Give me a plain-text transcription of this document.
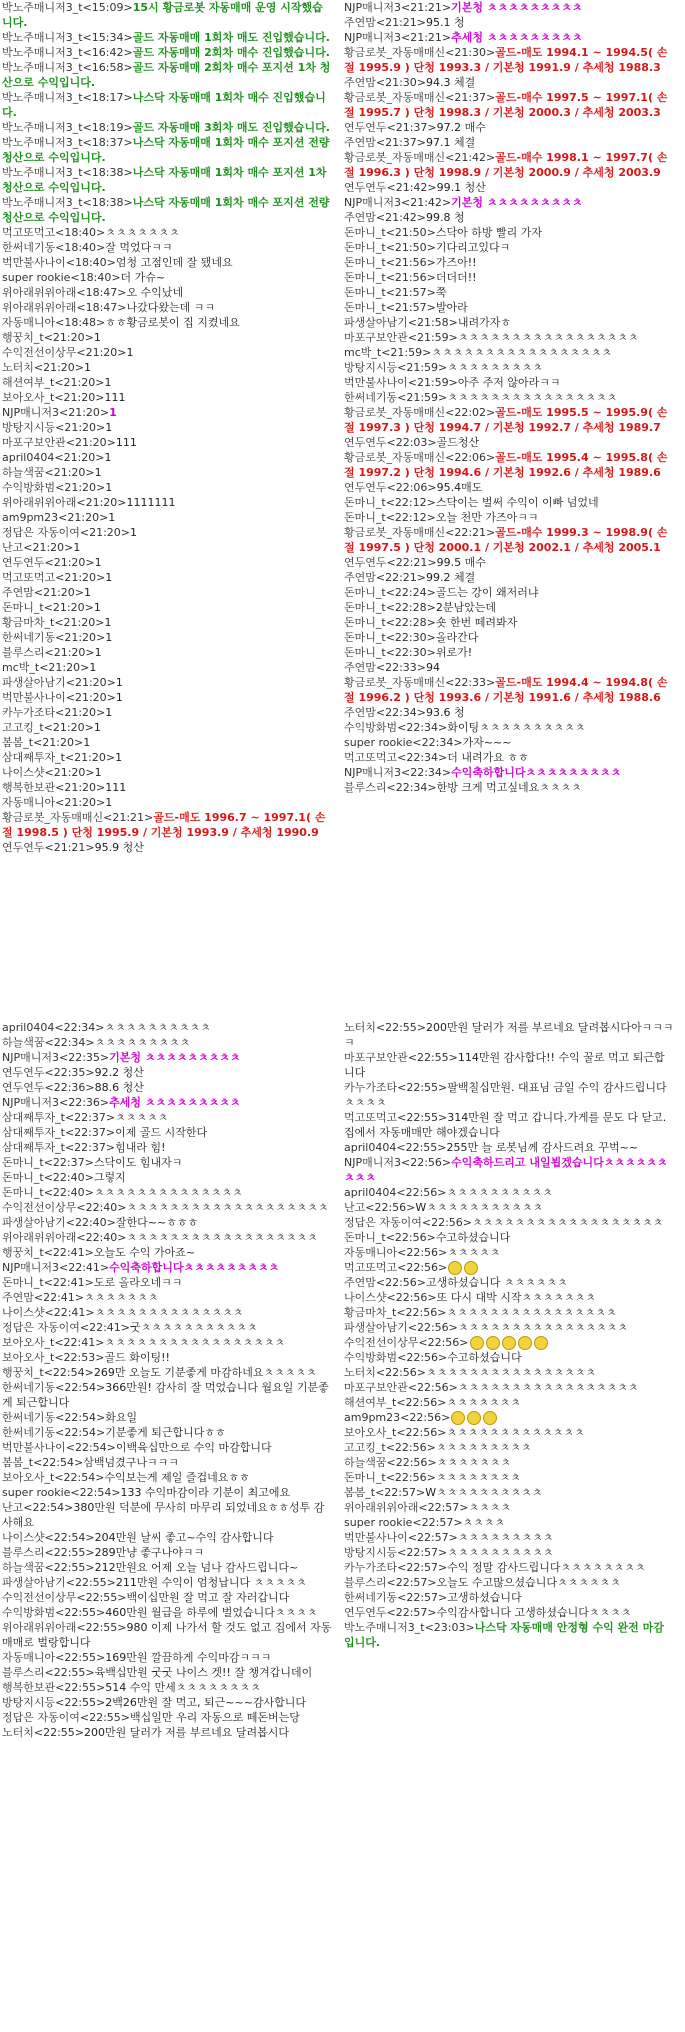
박노주매니저3_t<15:09>15시 황금로봇 자동매매 운영 시작했습니다.
박노주매니저3_t<15:34>골드 자동매매 1회차 매도 진입했습니다.
박노주매니저3_t<16:42>골드 자동매매 2회차 매수 진입했습니다.
박노주매니저3_t<16:58>골드 자동매매 2회차 매수 포지션 1차 청산으로 수익입니다.
박노주매니저3_t<18:17>나스닥 자동매매 1회차 매수 진입했습니다.
박노주매니저3_t<18:19>골드 자동매매 3회차 매도 진입했습니다.
박노주매니저3_t<18:37>나스닥 자동매매 1회차 매수 포지션 전량청산으로 수익입니다.
박노주매니저3_t<18:38>나스닥 자동매매 1회차 매수 포지션 1차 청산으로 수익입니다.
박노주매니저3_t<18:38>나스닥 자동매매 1회차 매수 포지션 전량청산으로 수익입니다.
먹고또먹고<18:40>ㅊㅊㅊㅊㅊㅊㅊ
한써네기동<18:40>잘 먹었다ㅋㅋ
벅만불사나이<18:40>엄청 고점인데 잘 됐네요
super rookie<18:40>더 가슈~
위아래위위아래<18:47>오 수익났네
위아래위위아래<18:47>나갔다왔는데 ㅋㅋ
자동매니아<18:48>ㅎㅎ황금로봇이 집 지켰네요
행꿍치_t<21:20>1
수익전선이상무<21:20>1
노터치<21:20>1
해션여부_t<21:20>1
보아오사_t<21:20>111
NJP매니저3<21:20>1
방탕지시등<21:20>1
마포구보안관<21:20>111
april0404<21:20>1
하늘색꿈<21:20>1
수익방화범<21:20>1
위아래위위아래<21:20>1111111
am9pm23<21:20>1
정답은 자동이여<21:20>1
난고<21:20>1
연두연두<21:20>1
먹고또먹고<21:20>1
주연맘<21:20>1
돈마니_t<21:20>1
황금마차_t<21:20>1
한써네기동<21:20>1
블루스리<21:20>1
mc박_t<21:20>1
파생살아남기<21:20>1
벅만불사나이<21:20>1
카누가조타<21:20>1
고고킹_t<21:20>1
봄봄_t<21:20>1
삼대째투자_t<21:20>1
나이스샷<21:20>1
행복한보관<21:20>111
자동매니아<21:20>1
황금로봇_자동매매신<21:21>골드-매도 1996.7 ~ 1997.1( 손절 1998.5 ) 단청 1995.9 / 기본청 1993.9 / 추세청 1990.9
연두연두<21:21>95.9 청산
NJP매니저3<21:21>기본청 ㅊㅊㅊㅊㅊㅊㅊㅊㅊ
주연맘<21:21>95.1 청
NJP매니저3<21:21>추세청 ㅊㅊㅊㅊㅊㅊㅊㅊㅊ
황금로봇_자동매매신<21:30>골드-매도 1994.1 ~ 1994.5( 손절 1995.9 ) 단청 1993.3 / 기본청 1991.9 / 추세청 1988.3
주연맘<21:30>94.3 체결
황금로봇_자동매매신<21:37>골드-매수 1997.5 ~ 1997.1( 손절 1995.7 ) 단청 1998.3 / 기본청 2000.3 / 추세청 2003.3
연두연두<21:37>97.2 매수
주연맘<21:37>97.1 체결
황금로봇_자동매매신<21:42>골드-매수 1998.1 ~ 1997.7( 손절 1996.3 ) 단청 1998.9 / 기본청 2000.9 / 추세청 2003.9
연두연두<21:42>99.1 청산
NJP매니저3<21:42>기본청 ㅊㅊㅊㅊㅊㅊㅊㅊㅊ
주연맘<21:42>99.8 청
돈마니_t<21:50>스닥아 하방 빨리 가자
돈마니_t<21:50>기다리고있다ㅋ
돈마니_t<21:56>가즈아!!
돈마니_t<21:56>더더더!!
돈마니_t<21:57>쭉
돈마니_t<21:57>발아라
파생살아남기<21:58>내려가자ㅎ
마포구보안관<21:59>ㅊㅊㅊㅊㅊㅊㅊㅊㅊㅊㅊㅊㅊㅊㅊㅊㅊ
mc박_t<21:59>ㅊㅊㅊㅊㅊㅊㅊㅊㅊㅊㅊㅊㅊㅊㅊㅊㅊ
방탕지시등<21:59>ㅊㅊㅊㅊㅊㅊㅊㅊㅊ
벅만불사나이<21:59>아주 주저 않아라ㅋㅋ
한써네기동<21:59>ㅊㅊㅊㅊㅊㅊㅊㅊㅊㅊㅊㅊㅊㅊㅊㅊ
황금로봇_자동매매신<22:02>골드-매도 1995.5 ~ 1995.9( 손절 1997.3 ) 단청 1994.7 / 기본청 1992.7 / 추세청 1989.7
연두연두<22:03>골드청산
황금로봇_자동매매신<22:06>골드-매도 1995.4 ~ 1995.8( 손절 1997.2 ) 단청 1994.6 / 기본청 1992.6 / 추세청 1989.6
연두연두<22:06>95.4매도
돈마니_t<22:12>스닥이는 벌써 수익이 이빠 넘었네
돈마니_t<22:12>오늘 천만 가즈아ㅋㅋ
황금로봇_자동매매신<22:21>골드-매수 1999.3 ~ 1998.9( 손절 1997.5 ) 단청 2000.1 / 기본청 2002.1 / 추세청 2005.1
연두연두<22:21>99.5 매수
주연맘<22:21>99.2 체결
돈마니_t<22:24>골드는 강이 왜저러냐
돈마니_t<22:28>2분남았는데
돈마니_t<22:28>숏 한번 떼려봐자
돈마니_t<22:30>올라간다
돈마니_t<22:30>위로가!
주연맘<22:33>94
황금로봇_자동매매신<22:33>골드-매도 1994.4 ~ 1994.8( 손절 1996.2 ) 단청 1993.6 / 기본청 1991.6 / 추세청 1988.6
주연맘<22:34>93.6 청
수익방화범<22:34>화이팅ㅊㅊㅊㅊㅊㅊㅊㅊㅊㅊ
super rookie<22:34>가자~~~
먹고또먹고<22:34>더 내려가요 ㅎㅎ
NJP매니저3<22:34>수익축하합니다ㅊㅊㅊㅊㅊㅊㅊㅊㅊ
블루스리<22:34>한방 크게 먹고싶네요ㅊㅊㅊㅊ
april0404<22:34>ㅊㅊㅊㅊㅊㅊㅊㅊㅊㅊ
하늘색꿈<22:34>ㅊㅊㅊㅊㅊㅊㅊㅊㅊ
NJP매니저3<22:35>기본청 ㅊㅊㅊㅊㅊㅊㅊㅊㅊ
연두연두<22:35>92.2 청산
연두연두<22:36>88.6 청산
NJP매니저3<22:36>추세청 ㅊㅊㅊㅊㅊㅊㅊㅊㅊ
삼대째투자_t<22:37>ㅊㅊㅊㅊㅊ
삼대째투자_t<22:37>이제 골드 시작한다
삼대째투자_t<22:37>힘내라 힘!
돈마니_t<22:37>스닥이도 힘내자ㅋ
돈마니_t<22:40>그렇지
돈마니_t<22:40>ㅊㅊㅊㅊㅊㅊㅊㅊㅊㅊㅊㅊㅊㅊ
수익전선이상무<22:40>ㅊㅊㅊㅊㅊㅊㅊㅊㅊㅊㅊㅊㅊㅊㅊㅊㅊㅊㅊ
파생살아남기<22:40>잘한다~~ㅎㅎㅎ
위아래위위아래<22:40>ㅊㅊㅊㅊㅊㅊㅊㅊㅊㅊㅊㅊㅊㅊㅊㅊㅊㅊ
행꿍치_t<22:41>오늘도 수익 가아죠~
NJP매니저3<22:41>수익축하합니다ㅊㅊㅊㅊㅊㅊㅊㅊㅊ
돈마니_t<22:41>도로 올라오네ㅋㅋ
주연맘<22:41>ㅊㅊㅊㅊㅊㅊㅊ
나이스샷<22:41>ㅊㅊㅊㅊㅊㅊㅊㅊㅊㅊㅊㅊㅊㅊ
정답은 자동이여<22:41>굿ㅊㅊㅊㅊㅊㅊㅊㅊㅊㅊㅊ
보아오사_t<22:41>ㅊㅊㅊㅊㅊㅊㅊㅊㅊㅊㅊㅊㅊㅊㅊㅊㅊ
보아오사_t<22:53>골드 화이팅!!
행꿍치_t<22:54>269만 오늘도 기분좋게 마감하네요ㅊㅊㅊㅊㅊ
한써네기동<22:54>366만원! 감사히 잘 먹었습니다 월요일 기분좋게 퇴근합니다
한써네기동<22:54>화요일
한써네기동<22:54>기분좋게 퇴근합니다ㅎㅎ
벅만불사나이<22:54>이백육십만으로 수익 마감합니다
봄봄_t<22:54>삼백넘겼구나ㅋㅋㅋ
보아오사_t<22:54>수익보는게 제일 즐겁네요ㅎㅎ
super rookie<22:54>133 수익마감이라 기분이 최고에요
난고<22:54>380만원 덕분에 무사히 마무리 되었네요ㅎㅎ성투 감사해요
나이스샷<22:54>204만원 날씨 좋고~수익 감사합니다
블루스리<22:55>289만냥 좋구나야ㅋㅋ
하늘색꿈<22:55>212만원요 어제 오늘 넘나 감사드립니다~
파생살아남기<22:55>211만원 수익이 엄청납니다 ㅊㅊㅊㅊㅊ
수익전선이상무<22:55>백이십만원 잘 먹고 잘 자러갑니다
수익방화범<22:55>460만원 월급을 하루에 벌었습니다ㅊㅊㅊㅊ
위아래위위아래<22:55>980 이제 나가서 할 것도 없고 집에서 자동매매로 벌랑합니다
자동매니아<22:55>169만원 깔끔하게 수익마감ㅋㅋㅋ
블루스리<22:55>육백십만원 굿굿 나이스 겟!! 잘 챙겨갑니데이
행복한보관<22:55>514 수익 만세ㅊㅊㅊㅊㅊㅊㅊㅊ
방탕지시등<22:55>2백26만원 잘 먹고, 퇴근~~~감사합니다
정답은 자동이여<22:55>백십일만 우리 자동으로 떼돈버는당
노터치<22:55>200만원 달러가 저를 부르네요 달려봅시다
노터치<22:55>200만원 달러가 저를 부르네요 달려봅시다아ㅋㅋㅋㅋ
마포구보안관<22:55>114만원 감사합다!! 수익 꿀로 먹고 퇴근합니다
카누가조타<22:55>팔백칠십만원. 대표님 금일 수익 감사드립니다ㅊㅊㅊㅊ
먹고또먹고<22:55>314만원 잘 먹고 갑니다.가게를 문도 다 닫고. 집에서 자동매매만 해야겠습니다
april0404<22:55>255만 늘 로봇님께 감사드려요 꾸벅~~
NJP매니저3<22:56>수익축하드리고 내일뵙겠습니다ㅊㅊㅊㅊㅊㅊㅊㅊㅊ
april0404<22:56>ㅊㅊㅊㅊㅊㅊㅊㅊㅊㅊ
난고<22:56>Wㅊㅊㅊㅊㅊㅊㅊㅊㅊㅊㅊ
정답은 자동이여<22:56>ㅊㅊㅊㅊㅊㅊㅊㅊㅊㅊㅊㅊㅊㅊㅊㅊㅊㅊ
돈마니_t<22:56>수고하셨습니다
자동매니아<22:56>ㅊㅊㅊㅊㅊ
먹고또먹고<22:56>
주연맘<22:56>고생하셨습니다 ㅊㅊㅊㅊㅊㅊ
나이스샷<22:56>또 다시 대박 시작ㅊㅊㅊㅊㅊㅊㅊ
황금마차_t<22:56>ㅊㅊㅊㅊㅊㅊㅊㅊㅊㅊㅊㅊㅊㅊㅊㅊ
파생살아남기<22:56>ㅊㅊㅊㅊㅊㅊㅊㅊㅊㅊㅊㅊㅊㅊㅊㅊ
수익전선이상무<22:56>
수익방화범<22:56>수고하셨습니다
노터치<22:56>ㅊㅊㅊㅊㅊㅊㅊㅊㅊㅊㅊㅊㅊㅊㅊㅊ
마포구보안관<22:56>ㅊㅊㅊㅊㅊㅊㅊㅊㅊㅊㅊㅊㅊㅊㅊㅊㅊ
해션여부_t<22:56>ㅊㅊㅊㅊㅊㅊㅊ
am9pm23<22:56>
보아오사_t<22:56>ㅊㅊㅊㅊㅊㅊㅊㅊㅊㅊㅊㅊㅊ
고고킹_t<22:56>ㅊㅊㅊㅊㅊㅊㅊㅊㅊ
하늘색꿈<22:56>ㅊㅊㅊㅊㅊㅊㅊ
돈마니_t<22:56>ㅊㅊㅊㅊㅊㅊㅊㅊ
봄봄_t<22:57>Wㅊㅊㅊㅊㅊㅊㅊㅊㅊㅊ
위아래위위아래<22:57>ㅊㅊㅊㅊ
super rookie<22:57>ㅊㅊㅊㅊ
벅만불사나이<22:57>ㅊㅊㅊㅊㅊㅊㅊㅊㅊ
방탕지시등<22:57>ㅊㅊㅊㅊㅊㅊㅊㅊㅊㅊ
카누가조타<22:57>수익 정말 감사드립니다ㅊㅊㅊㅊㅊㅊㅊㅊ
블루스리<22:57>오늘도 수고많으셨습니다ㅊㅊㅊㅊㅊㅊ
한써네기동<22:57>고생하셨습니다
연두연두<22:57>수익감사합니다 고생하셨습니다ㅊㅊㅊㅊ
박노주매니저3_t<23:03>나스닥 자동매매 안정형 수익 완전 마감입니다.
